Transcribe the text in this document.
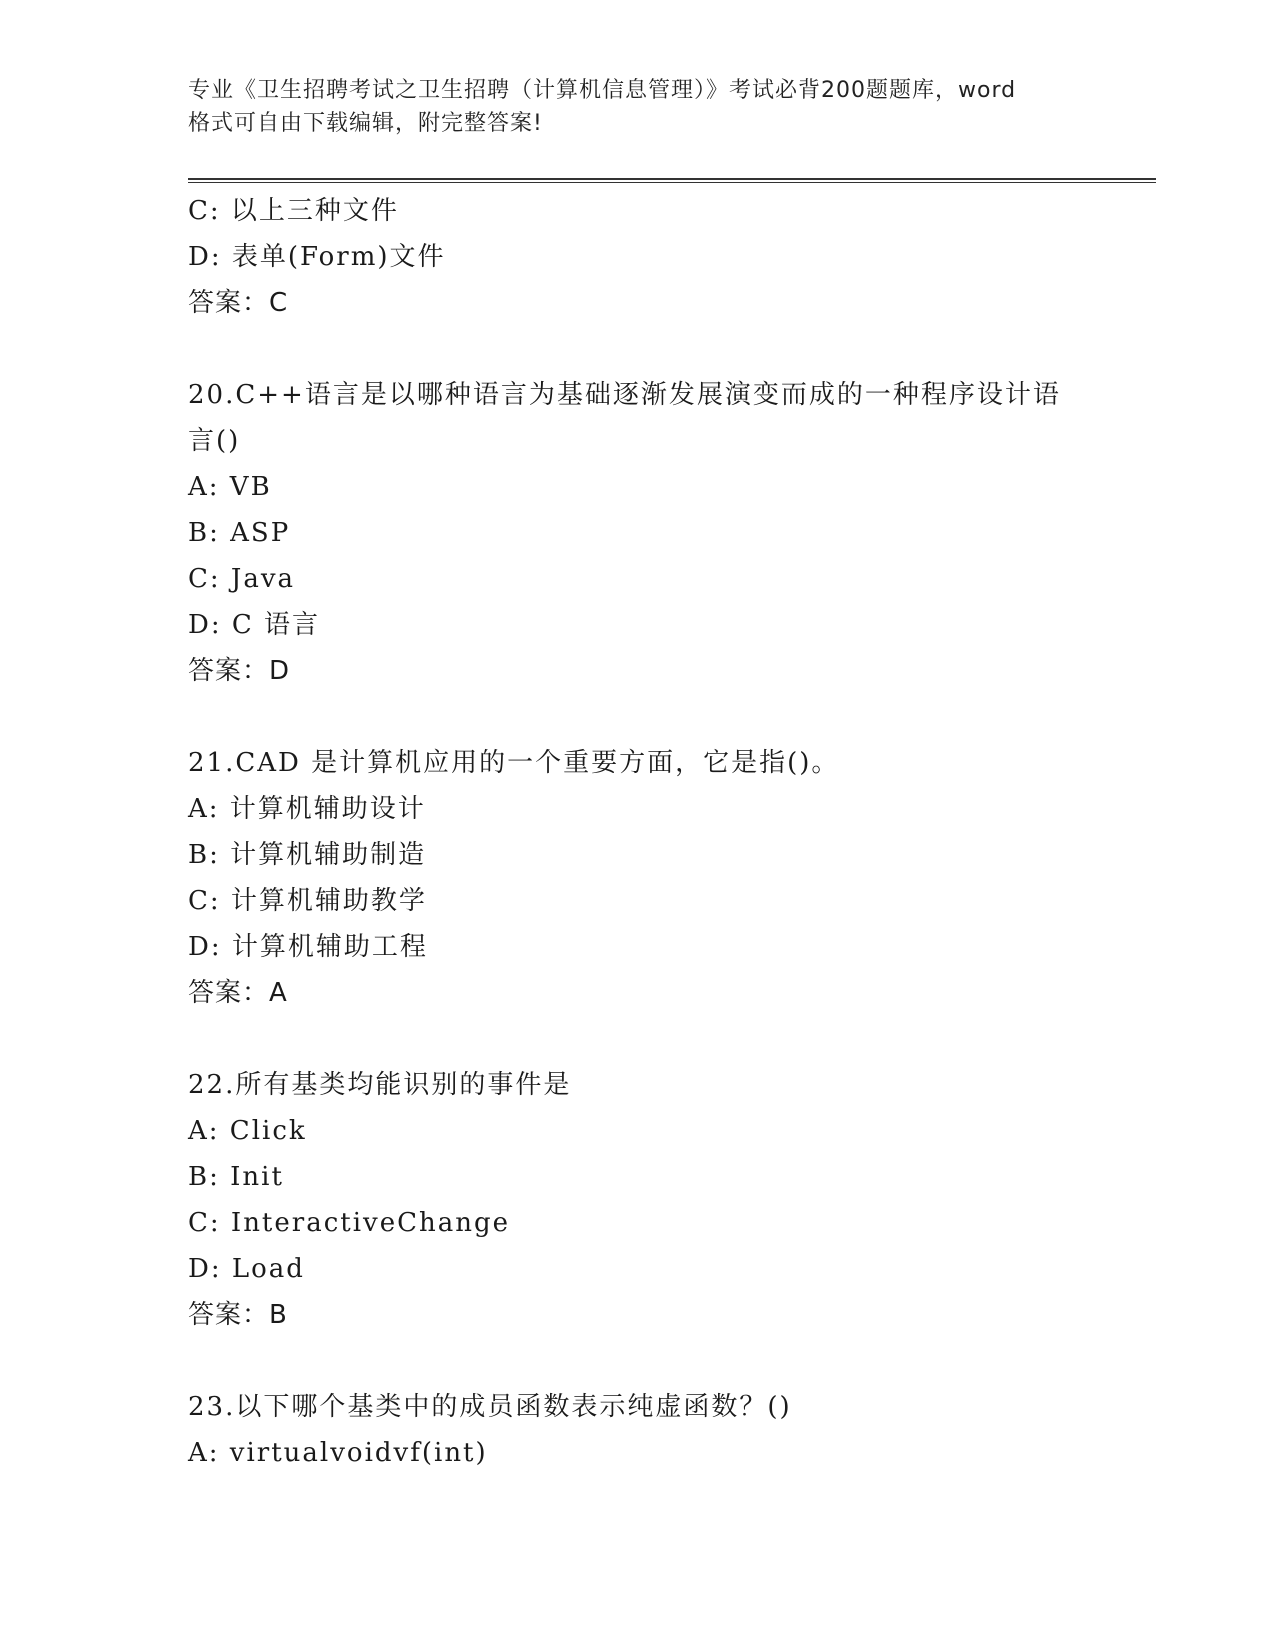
专业《卫生招聘考试之卫生招聘（计算机信息管理）》考试必背200题题库，word
格式可自由下载编辑，附完整答案!
C: 以上三种文件
D: 表单(Form)文件
答案：C
20.C++语言是以哪种语言为基础逐渐发展演变而成的一种程序设计语
言()
A: VB
B: ASP
C: Java
D: C 语言
答案：D
21.CAD 是计算机应用的一个重要方面，它是指()。
A: 计算机辅助设计
B: 计算机辅助制造
C: 计算机辅助教学
D: 计算机辅助工程
答案：A
22.所有基类均能识别的事件是
A: Click
B: Init
C: InteractiveChange
D: Load
答案：B
23.以下哪个基类中的成员函数表示纯虚函数？()
A: virtualvoidvf(int)
